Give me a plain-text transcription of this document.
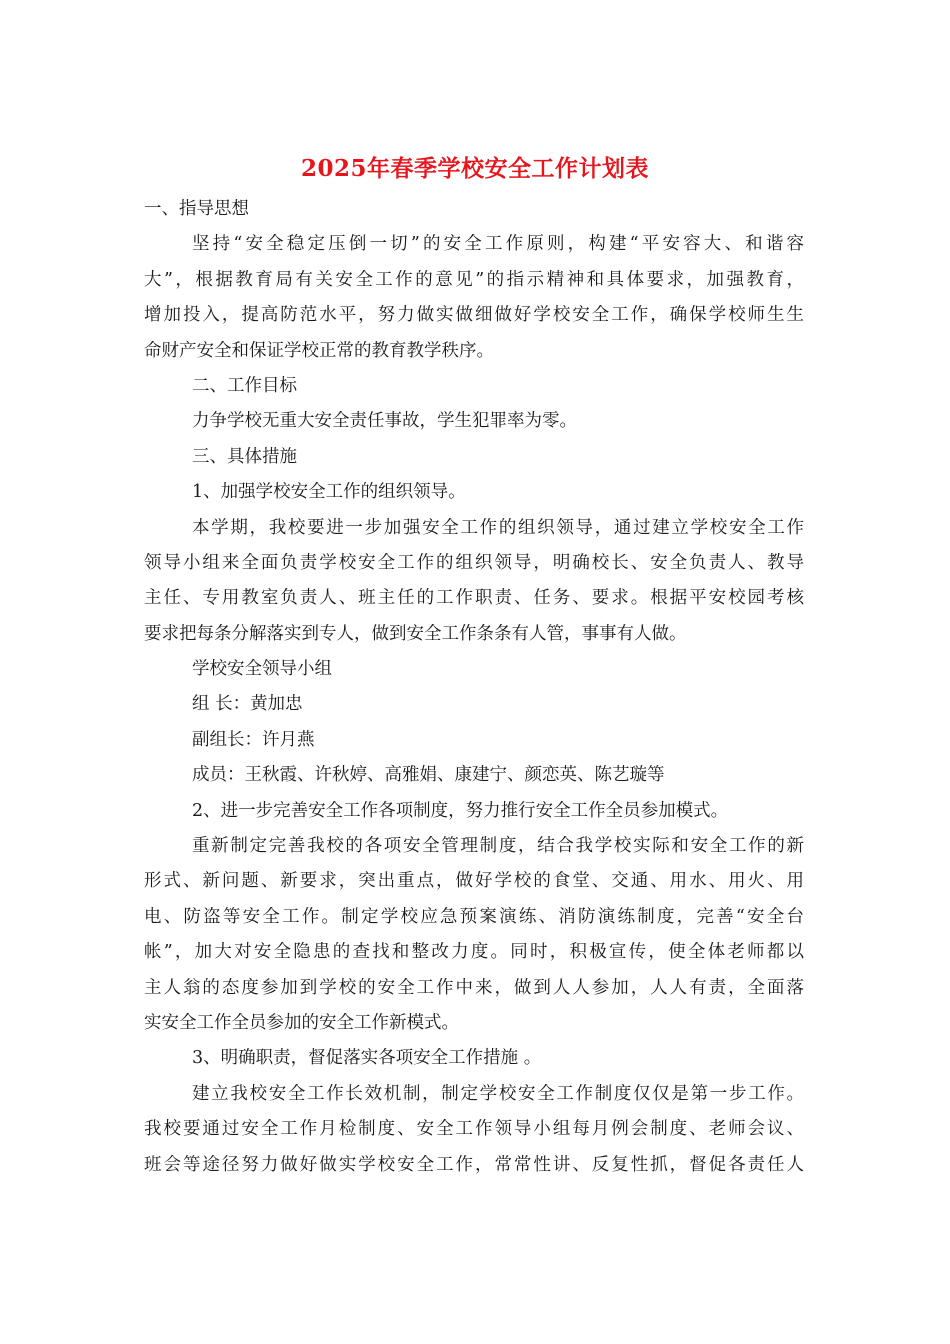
2025年春季学校安全工作计划表
一、指导思想
坚持“安全稳定压倒一切”的安全工作原则，构建“平安容大、和谐容
大”，根据教育局有关安全工作的意见”的指示精神和具体要求，加强教育，
增加投入，提高防范水平，努力做实做细做好学校安全工作，确保学校师生生
命财产安全和保证学校正常的教育教学秩序。
二、工作目标
力争学校无重大安全责任事故，学生犯罪率为零。
三、具体措施
1、加强学校安全工作的组织领导。
本学期，我校要进一步加强安全工作的组织领导，通过建立学校安全工作
领导小组来全面负责学校安全工作的组织领导，明确校长、安全负责人、教导
主任、专用教室负责人、班主任的工作职责、任务、要求。根据平安校园考核
要求把每条分解落实到专人，做到安全工作条条有人管，事事有人做。
学校安全领导小组
组 长：黄加忠
副组长：许月燕
成员：王秋霞、许秋婷、高雅娟、康建宁、颜恋英、陈艺璇等
2、进一步完善安全工作各项制度，努力推行安全工作全员参加模式。
重新制定完善我校的各项安全管理制度，结合我学校实际和安全工作的新
形式、新问题、新要求，突出重点，做好学校的食堂、交通、用水、用火、用
电、防盗等安全工作。制定学校应急预案演练、消防演练制度，完善“安全台
帐”，加大对安全隐患的查找和整改力度。同时，积极宣传，使全体老师都以
主人翁的态度参加到学校的安全工作中来，做到人人参加，人人有责，全面落
实安全工作全员参加的安全工作新模式。
3、明确职责，督促落实各项安全工作措施 。
建立我校安全工作长效机制，制定学校安全工作制度仅仅是第一步工作。
我校要通过安全工作月检制度、安全工作领导小组每月例会制度、老师会议、
班会等途径努力做好做实学校安全工作，常常性讲、反复性抓，督促各责任人
